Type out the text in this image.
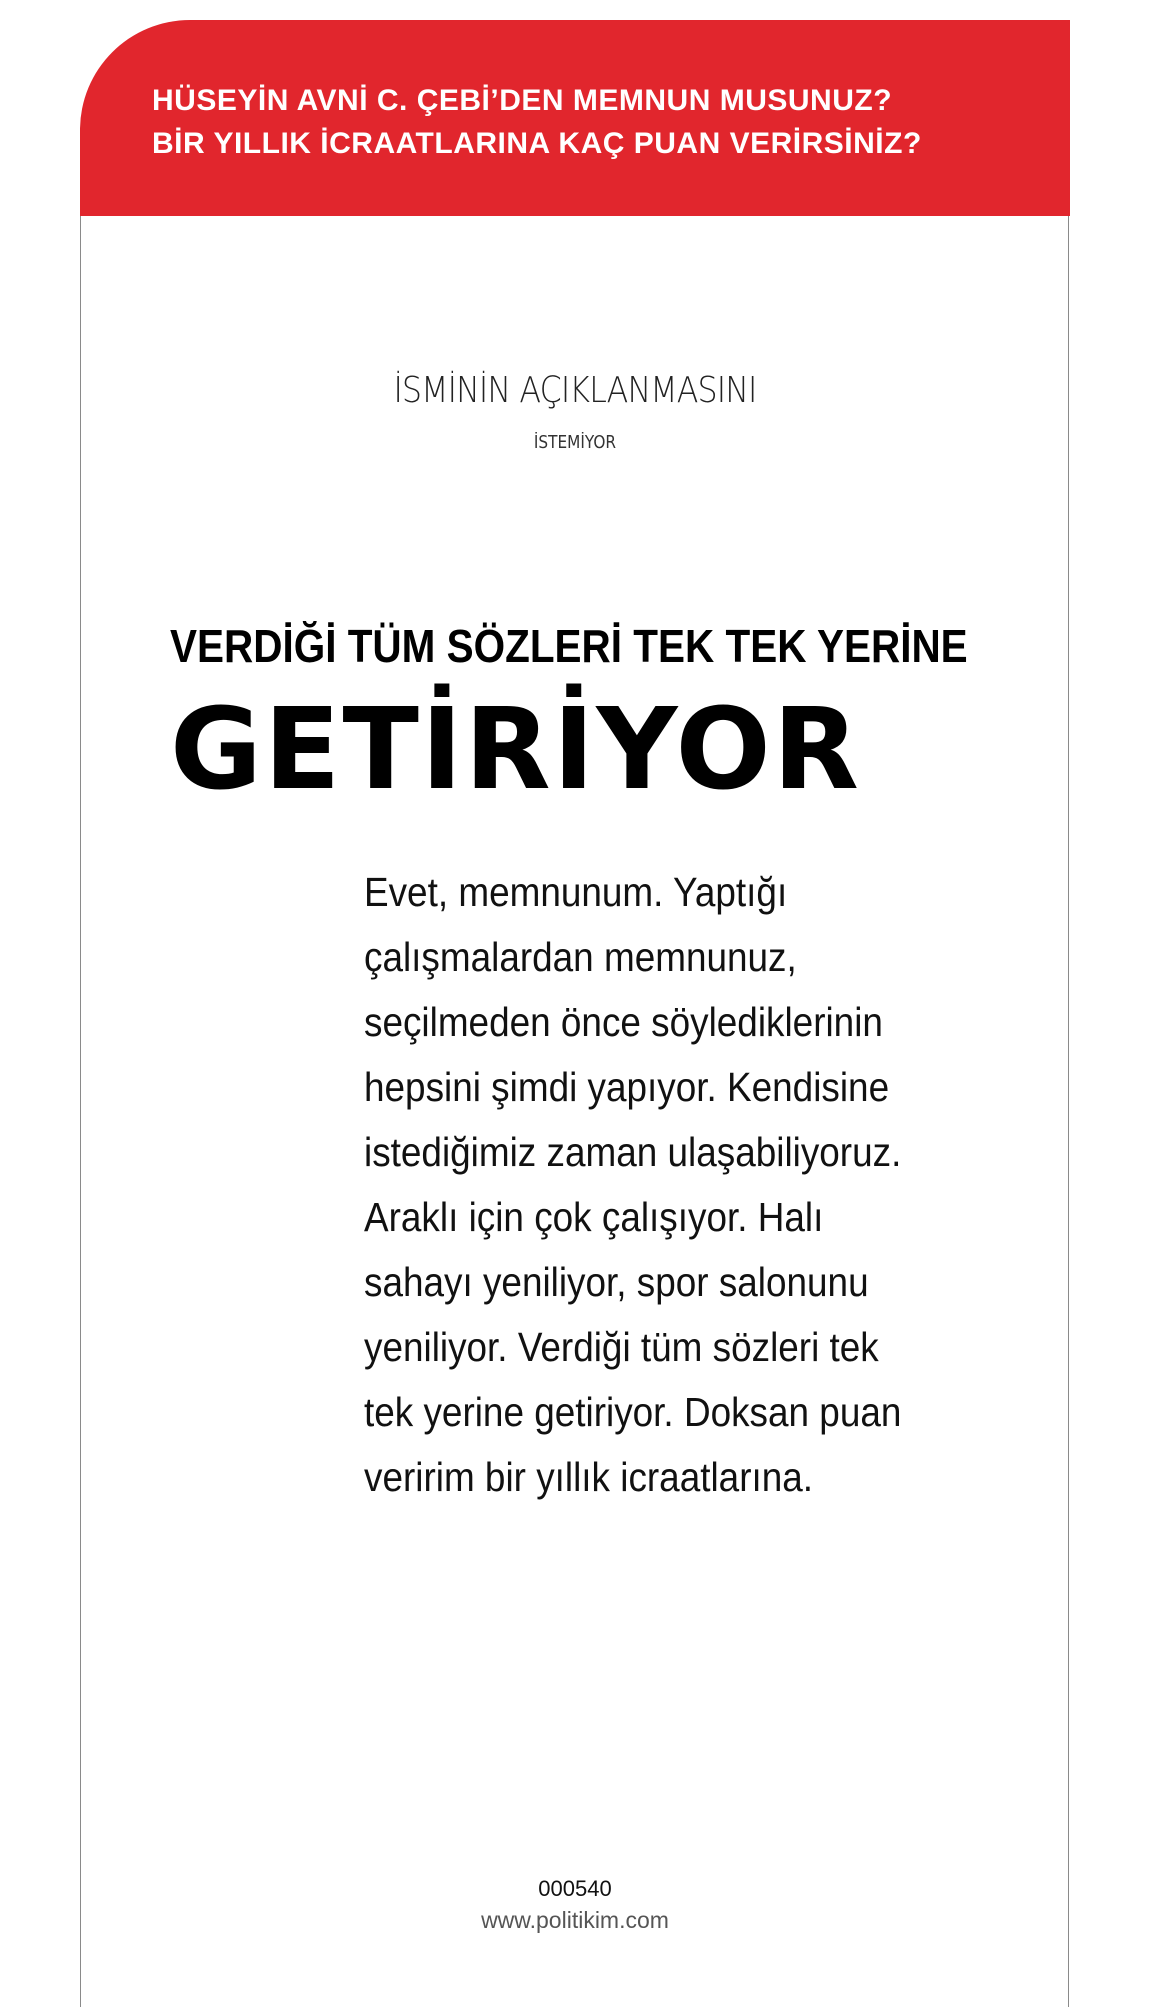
HÜSEYİN AVNİ C. ÇEBİ’DEN MEMNUN MUSUNUZ?
BİR YILLIK İCRAATLARINA KAÇ PUAN VERİRSİNİZ?

İSMİNİN AÇIKLANMASINI

İSTEMİYOR

VERDİĞİ TÜM SÖZLERİ TEK TEK YERİNE

GETİRİYOR

Evet, memnunum. Yaptığı çalışmalardan memnunuz, seçilmeden önce söylediklerinin hepsini şimdi yapıyor. Kendisine istediğimiz zaman ulaşabiliyoruz. Araklı için çok çalışıyor. Halı sahayı yeniliyor, spor salonunu yeniliyor. Verdiği tüm sözleri tek tek yerine getiriyor. Doksan puan veririm bir yıllık icraatlarına.

000540

www.politikim.com
